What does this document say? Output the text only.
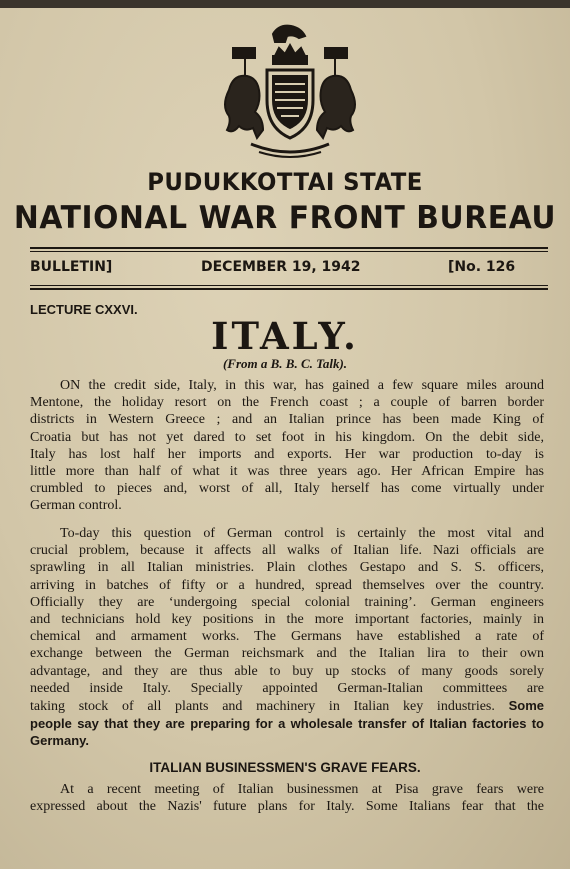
PUDUKKOTTAI STATE
NATIONAL WAR FRONT BUREAU
BULLETIN]	DECEMBER 19, 1942	[No. 126
LECTURE CXXVI.
ITALY.
(From a B. B. C. Talk).
ON the credit side, Italy, in this war, has gained a few square miles around
Mentone, the holiday resort on the French coast ; a couple of barren border
districts in Western Greece ; and an Italian prince has been made King of
Croatia but has not yet dared to set foot in his kingdom. On the debit side,
Italy has lost half her imports and exports. Her war production to-day is
little more than half of what it was three years ago. Her African Empire has
crumbled to pieces and, worst of all, Italy herself has come virtually under
German control.
To-day this question of German control is certainly the most vital and
crucial problem, because it affects all walks of Italian life. Nazi officials are
sprawling in all Italian ministries. Plain clothes Gestapo and S. S. officers,
arriving in batches of fifty or a hundred, spread themselves over the country.
Officially they are ‘undergoing special colonial training’. German engineers
and technicians hold key positions in the more important factories, mainly in
chemical and armament works. The Germans have established a rate of
exchange between the German reichsmark and the Italian lira to their own
advantage, and they are thus able to buy up stocks of many goods sorely
needed inside Italy. Specially appointed German-Italian committees are
taking stock of all plants and machinery in Italian key industries. Some
people say that they are preparing for a wholesale transfer of Italian factories to
Germany.
ITALIAN BUSINESSMEN'S GRAVE FEARS.
At a recent meeting of Italian businessmen at Pisa grave fears were
expressed about the Nazis' future plans for Italy. Some Italians fear that the
